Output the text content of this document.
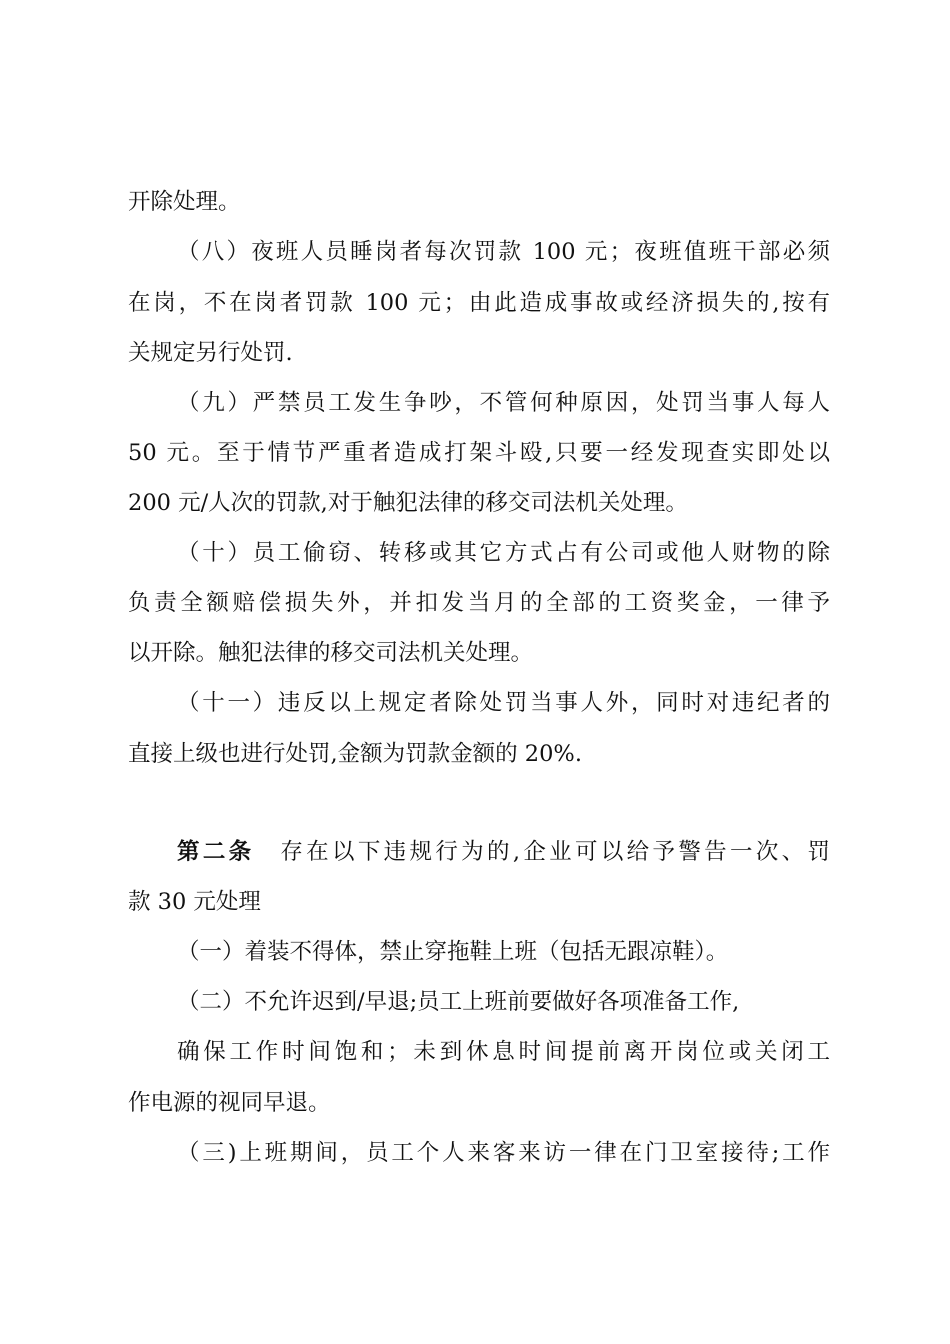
开除处理。
（八）夜班人员睡岗者每次罚款 100 元；夜班值班干部必须
在岗，不在岗者罚款 100 元；由此造成事故或经济损失的,按有
关规定另行处罚.
（九）严禁员工发生争吵，不管何种原因，处罚当事人每人
50 元。至于情节严重者造成打架斗殴,只要一经发现查实即处以
200 元/人次的罚款,对于触犯法律的移交司法机关处理。
（十）员工偷窃、转移或其它方式占有公司或他人财物的除
负责全额赔偿损失外，并扣发当月的全部的工资奖金，一律予
以开除。触犯法律的移交司法机关处理。
（十一）违反以上规定者除处罚当事人外，同时对违纪者的
直接上级也进行处罚,金额为罚款金额的 20%.
第二条　 存在以下违规行为的,企业可以给予警告一次、罚
款 30 元处理
（一）着装不得体，禁止穿拖鞋上班（包括无跟凉鞋）。
（二）不允许迟到/早退;员工上班前要做好各项准备工作,
确保工作时间饱和；未到休息时间提前离开岗位或关闭工
作电源的视同早退。
（三)上班期间，员工个人来客来访一律在门卫室接待;工作
